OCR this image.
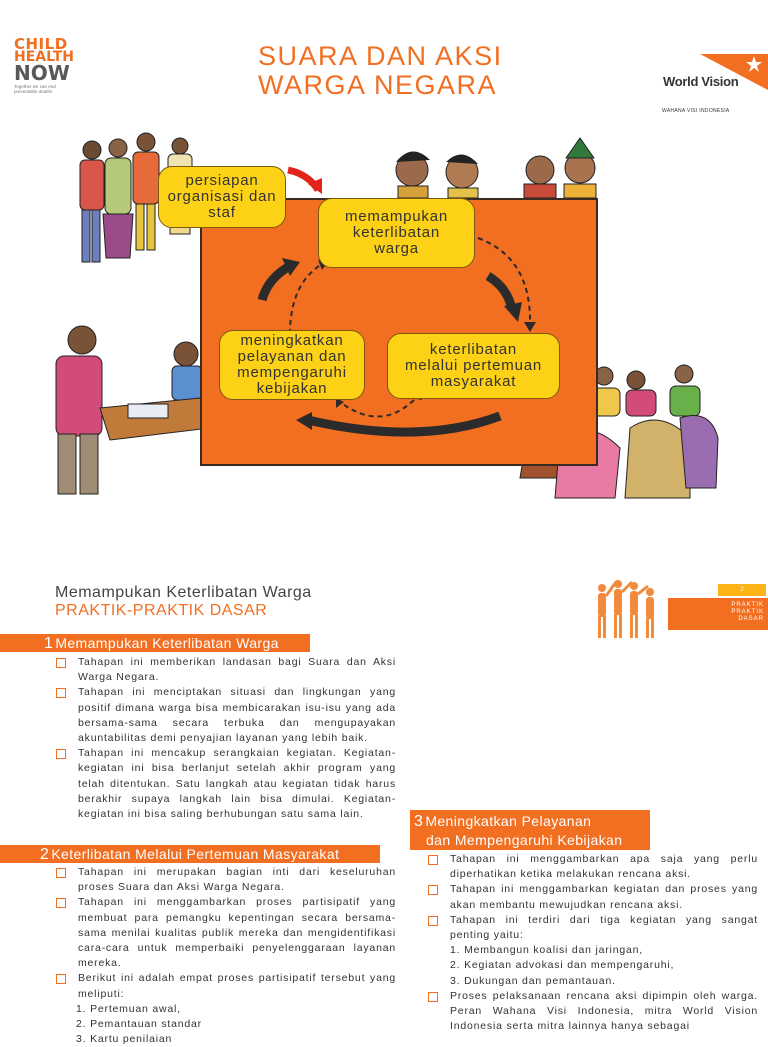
CHILD
HEALTH
NOW
Together we can end preventable deaths
SUARA DAN AKSI
WARGA NEGARA	World Vision
WAHANA VISI INDONESIA
persiapan
organisasi dan
staf	memampukan
keterlibatan
warga
keterlibatan
melalui pertemuan
masyarakat
meningkatkan
pelayanan dan
mempengaruhi
kebijakan
Memampukan Keterlibatan Warga
PRAKTIK-PRAKTIK DASAR
2
PRAKTIK
PRAKTIK
DASAR
1 Memampukan Keterlibatan Warga
Tahapan ini memberikan landasan bagi Suara dan Aksi Warga Negara.
Tahapan ini menciptakan situasi dan lingkungan yang positif dimana warga bisa membicarakan isu-isu yang ada bersama-sama secara terbuka dan mengupayakan akuntabilitas demi penyajian layanan yang lebih baik.
Tahapan ini mencakup serangkaian kegiatan. Kegiatan-kegiatan ini bisa berlanjut setelah akhir program yang telah ditentukan. Satu langkah atau kegiatan tidak harus berakhir supaya langkah lain bisa dimulai. Kegiatan-kegiatan ini bisa saling berhubungan satu sama lain.
2 Keterlibatan Melalui Pertemuan Masyarakat
Tahapan ini merupakan bagian inti dari keseluruhan proses Suara dan Aksi Warga Negara.
Tahapan ini menggambarkan proses partisipatif yang membuat para pemangku kepentingan secara bersama-sama menilai kualitas publik mereka dan mengidentifikasi cara-cara untuk memperbaiki penyelenggaraan layanan mereka.
Berikut ini adalah empat proses partisipatif tersebut yang meliputi:
1. Pertemuan awal,
2. Pemantauan standar
3. Kartu penilaian
3 Meningkatkan Pelayanan
dan Mempengaruhi Kebijakan
Tahapan ini menggambarkan apa saja yang perlu diperhatikan ketika melakukan rencana aksi.
Tahapan ini menggambarkan kegiatan dan proses yang akan membantu mewujudkan rencana aksi.
Tahapan ini terdiri dari tiga kegiatan yang sangat penting yaitu:
1. Membangun koalisi dan jaringan,
2. Kegiatan advokasi dan mempengaruhi,
3. Dukungan dan pemantauan.
Proses pelaksanaan rencana aksi dipimpin oleh warga. Peran Wahana Visi Indonesia, mitra World Vision Indonesia serta mitra lainnya hanya sebagai
